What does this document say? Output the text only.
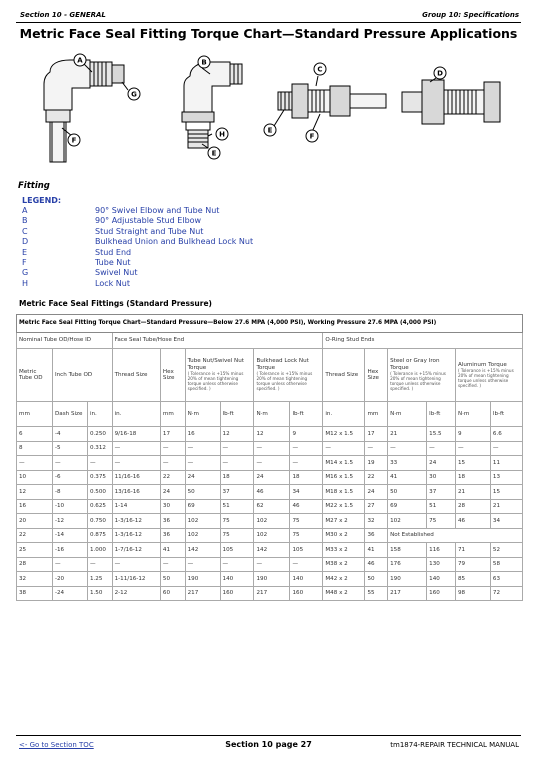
Section 10 - GENERAL	Group 10: Specifications
Metric Face Seal Fitting Torque Chart—Standard Pressure Applications
A
G
F
B
H
E
C
E
F
D
Fitting
LEGEND:
A	90° Swivel Elbow and Tube Nut
B	90° Adjustable Stud Elbow
C	Stud Straight and Tube Nut
D	Bulkhead Union and Bulkhead Lock Nut
E	Stud End
F	Tube Nut
G	Swivel Nut
H	Lock Nut
Metric Face Seal Fittings (Standard Pressure)
Metric Face Seal Fitting Torque Chart—Standard Pressure—Below 27.6 MPA (4,000 PSI), Working Pressure 27.6 MPA (4,000 PSI)														
Nominal Tube OD/Hose ID			Face Seal Tube/Hose End						O-Ring Stud Ends					
Metric Tube OD	Inch Tube OD		Thread Size	Hex Size	Tube Nut/Swivel Nut Torque
( Tolerance is +15% minus 20% of mean tightening torque unless otherwise specified. )		Bulkhead Lock Nut Torque
( Tolerance is +15% minus 20% of mean tightening torque unless otherwise specified. )		Thread Size	Hex Size	Steel or Gray Iron Torque
( Tolerance is +15% minus 20% of mean tightening torque unless otherwise specified. )		Aluminum Torque
( Tolerance is +15% minus 20% of mean tightening torque unless otherwise specified. )	

mm	Dash Size	in.	in.	mm	N·m	lb-ft	N·m	lb-ft	in.	mm	N·m	lb-ft	N·m	lb-ft
6	-4	0.250	9/16-18	17	16	12	12	9	M12 x 1.5	17	21	15.5	9	6.6
8	-5	0.312	—	—	—	—	—	—	—	—	—	—	—	—
—	—	—	—	—	—	—	—	—	M14 x 1.5	19	33	24	15	11
10	-6	0.375	11/16-16	22	24	18	24	18	M16 x 1.5	22	41	30	18	13
12	-8	0.500	13/16-16	24	50	37	46	34	M18 x 1.5	24	50	37	21	15
16	-10	0.625	1-14	30	69	51	62	46	M22 x 1.5	27	69	51	28	21
20	-12	0.750	1-3/16-12	36	102	75	102	75	M27 x 2	32	102	75	46	34
22	-14	0.875	1-3/16-12	36	102	75	102	75	M30 x 2	36	Not Established			
25	-16	1.000	1-7/16-12	41	142	105	142	105	M33 x 2	41	158	116	71	52
28	—	—	—	—	—	—	—	—	M38 x 2	46	176	130	79	58
32	-20	1.25	1-11/16-12	50	190	140	190	140	M42 x 2	50	190	140	85	63
38	-24	1.50	2-12	60	217	160	217	160	M48 x 2	55	217	160	98	72
<- Go to Section TOC	Section 10 page 27	tm1874-REPAIR TECHNICAL MANUAL
